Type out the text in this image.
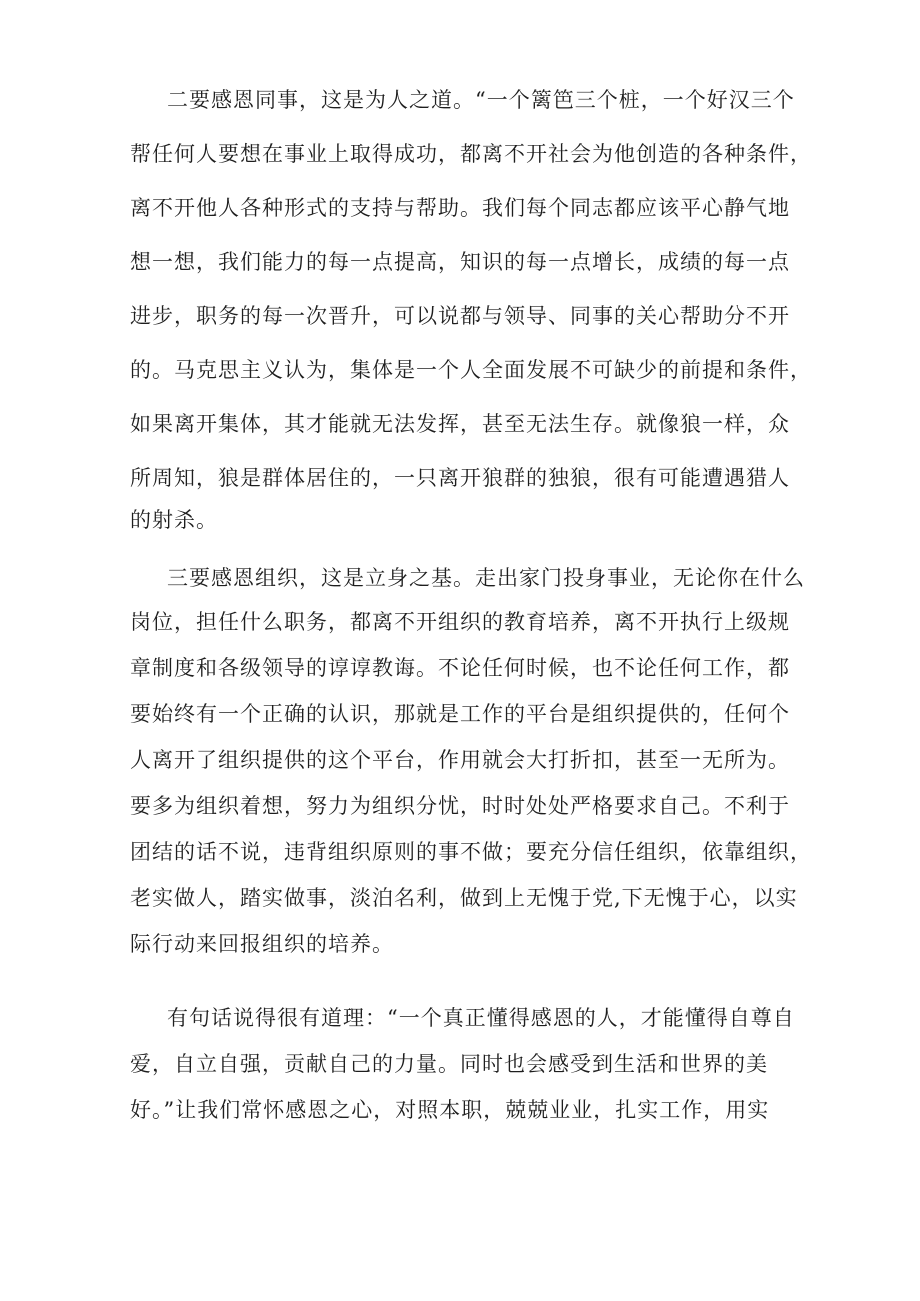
二要感恩同事，这是为人之道。“一个篱笆三个桩，一个好汉三个
帮任何人要想在事业上取得成功，都离不开社会为他创造的各种条件，
离不开他人各种形式的支持与帮助。我们每个同志都应该平心静气地
想一想，我们能力的每一点提高，知识的每一点增长，成绩的每一点
进步，职务的每一次晋升，可以说都与领导、同事的关心帮助分不开
的。马克思主义认为，集体是一个人全面发展不可缺少的前提和条件，
如果离开集体，其才能就无法发挥，甚至无法生存。就像狼一样，众
所周知，狼是群体居住的，一只离开狼群的独狼，很有可能遭遇猎人
的射杀。
三要感恩组织，这是立身之基。走出家门投身事业，无论你在什么
岗位，担任什么职务，都离不开组织的教育培养，离不开执行上级规
章制度和各级领导的谆谆教诲。不论任何时候，也不论任何工作，都
要始终有一个正确的认识，那就是工作的平台是组织提供的，任何个
人离开了组织提供的这个平台，作用就会大打折扣，甚至一无所为。
要多为组织着想，努力为组织分忧，时时处处严格要求自己。不利于
团结的话不说，违背组织原则的事不做；要充分信任组织，依靠组织，
老实做人，踏实做事，淡泊名利，做到上无愧于党,下无愧于心，以实
际行动来回报组织的培养。
有句话说得很有道理：“一个真正懂得感恩的人，才能懂得自尊自
爱，自立自强，贡献自己的力量。同时也会感受到生活和世界的美
好。”让我们常怀感恩之心，对照本职，兢兢业业，扎实工作，用实
